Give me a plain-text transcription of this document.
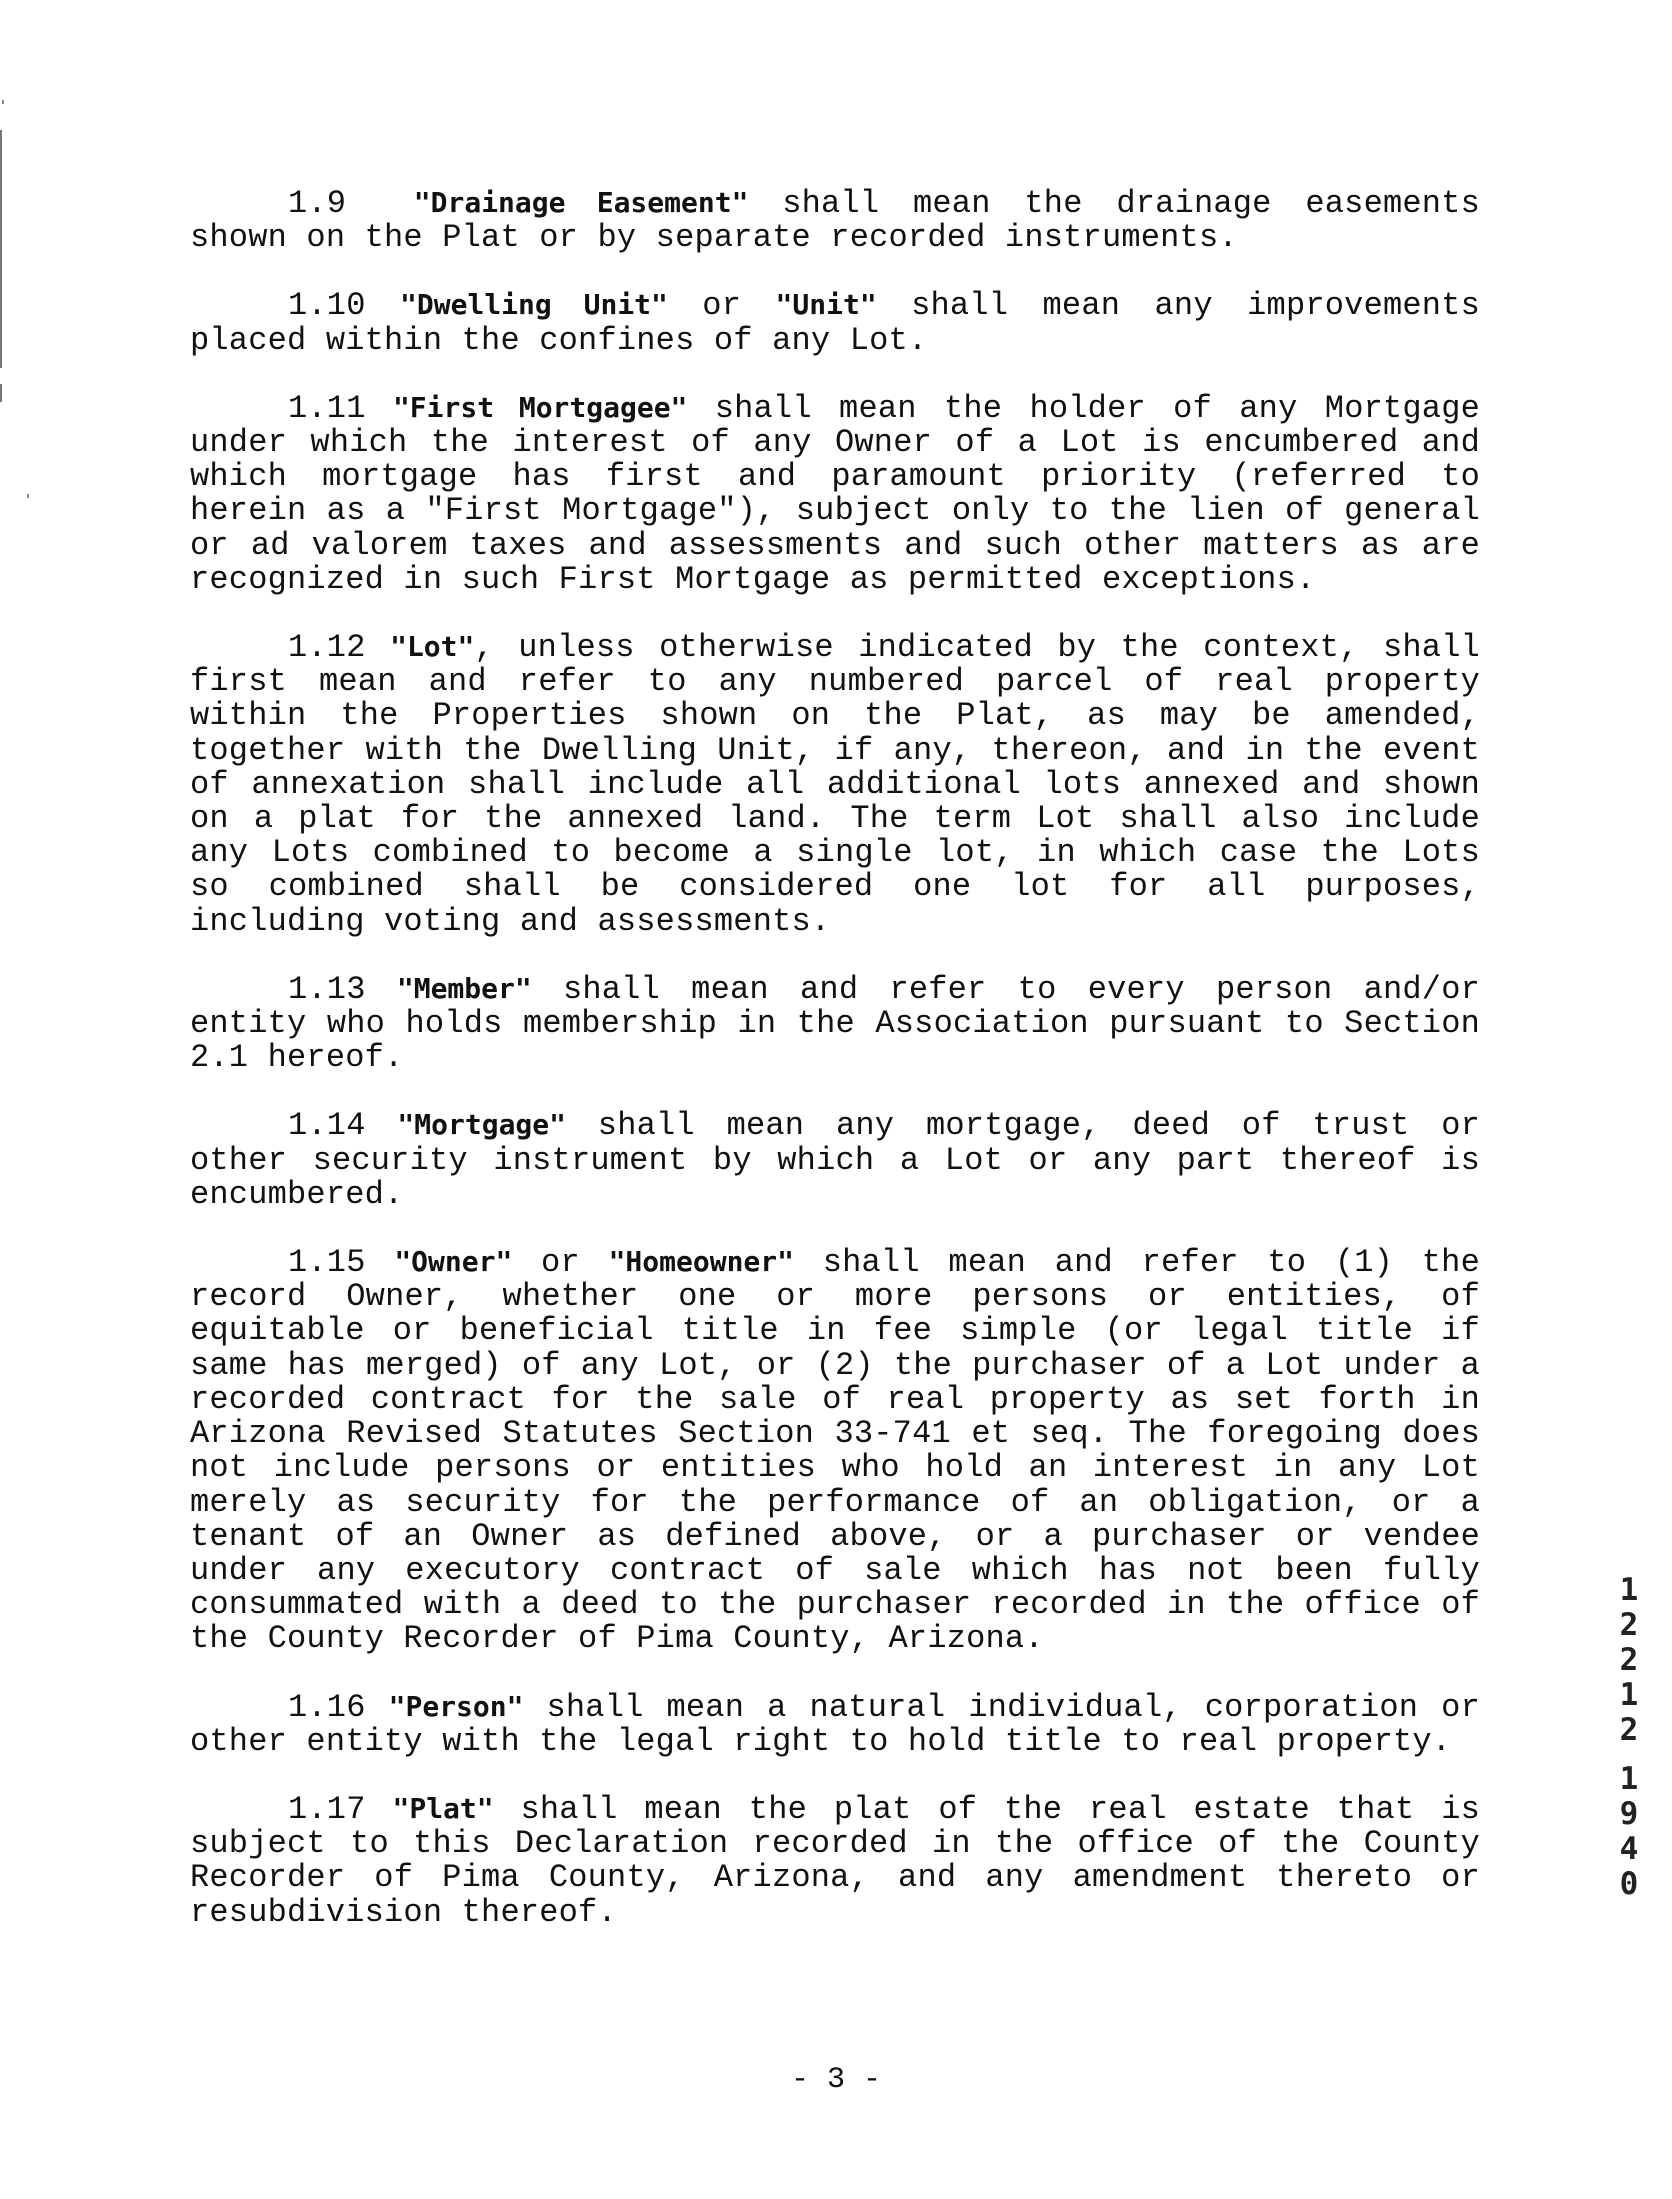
1.9 "Drainage Easement" shall mean the drainage easements shown on the Plat or by separate recorded instruments.

1.10 "Dwelling Unit" or "Unit" shall mean any improvements placed within the confines of any Lot.

1.11 "First Mortgagee" shall mean the holder of any Mortgage under which the interest of any Owner of a Lot is encumbered and which mortgage has first and paramount priority (referred to herein as a "First Mortgage"), subject only to the lien of general or ad valorem taxes and assessments and such other matters as are recognized in such First Mortgage as permitted exceptions.

1.12 "Lot", unless otherwise indicated by the context, shall first mean and refer to any numbered parcel of real property within the Properties shown on the Plat, as may be amended, together with the Dwelling Unit, if any, thereon, and in the event of annexation shall include all additional lots annexed and shown on a plat for the annexed land. The term Lot shall also include any Lots combined to become a single lot, in which case the Lots so combined shall be considered one lot for all purposes, including voting and assessments.

1.13 "Member" shall mean and refer to every person and/or entity who holds membership in the Association pursuant to Section 2.1 hereof.

1.14 "Mortgage" shall mean any mortgage, deed of trust or other security instrument by which a Lot or any part thereof is encumbered.

1.15 "Owner" or "Homeowner" shall mean and refer to (1) the record Owner, whether one or more persons or entities, of equitable or beneficial title in fee simple (or legal title if same has merged) of any Lot, or (2) the purchaser of a Lot under a recorded contract for the sale of real property as set forth in Arizona Revised Statutes Section 33-741 et seq. The foregoing does not include persons or entities who hold an interest in any Lot merely as security for the performance of an obligation, or a tenant of an Owner as defined above, or a purchaser or vendee under any executory contract of sale which has not been fully consummated with a deed to the purchaser recorded in the office of the County Recorder of Pima County, Arizona.

1.16 "Person" shall mean a natural individual, corporation or other entity with the legal right to hold title to real property.

1.17 "Plat" shall mean the plat of the real estate that is subject to this Declaration recorded in the office of the County Recorder of Pima County, Arizona, and any amendment thereto or resubdivision thereof.

1
2
2
1
2
1
9
4
0
- 3 -
